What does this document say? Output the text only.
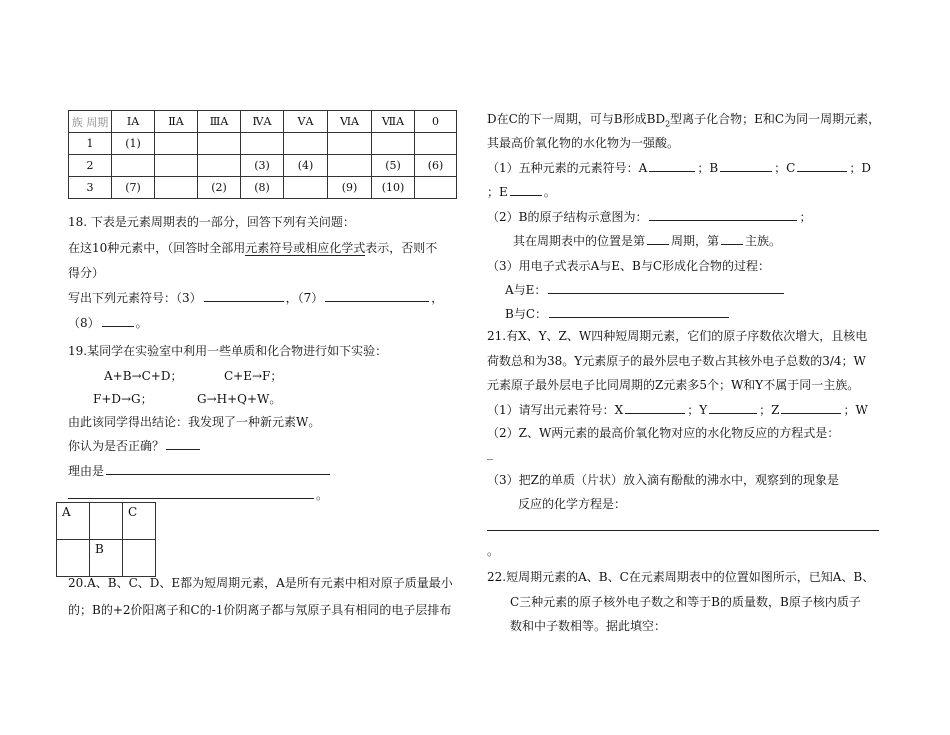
族 周期	ⅠA	ⅡA	ⅢA	ⅣA	ⅤA	ⅥA	ⅦA	0
1	(1)							
2				(3)	(4)		(5)	(6)
3	(7)		(2)	(8)		(9)	(10)	
18. 下表是元素周期表的一部分，回答下列有关问题：
在这10种元素中，（回答时全部用元素符号或相应化学式表示，否则不
得分）
写出下列元素符号：（3）	，（7）	，
（8）	。
19.某同学在实验室中利用一些单质和化合物进行如下实验：
A+B→C+D；	C+E→F；
F+D→G；	G→H+Q+W。
由此该同学得出结论：我发现了一种新元素W。
你认为是否正确？
理由是
。
A		C
	B	
20.A、B、C、D、E都为短周期元素，A是所有元素中相对原子质量最小
的；B的+2价阳离子和C的-1价阴离子都与氖原子具有相同的电子层排布
D在C的下一周期，可与B形成$BD_2$型离子化合物；E和C为同一周期元素，
其最高价氧化物的水化物为一强酸。
（1）五种元素的元素符号：A	；B	；C	；D
；E	。
（2）B的原子结构示意图为：	；
其在周期表中的位置是第 周期，第 主族。
（3）用电子式表示A与E、B与C形成化合物的过程：
A与E：
B与C：
21.有X、Y、Z、W四种短周期元素，它们的原子序数依次增大，且核电
荷数总和为38。Y元素原子的最外层电子数占其核外电子总数的3/4；W
元素原子最外层电子比同周期的Z元素多5个；W和Y不属于同一主族。
（1）请写出元素符号：X	；Y	；Z	；W
（2）Z、W两元素的最高价氧化物对应的水化物反应的方程式是：
_
（3）把Z的单质（片状）放入滴有酚酞的沸水中，观察到的现象是
反应的化学方程是：
。
22.短周期元素的A、B、C在元素周期表中的位置如图所示，已知A、B、
C三种元素的原子核外电子数之和等于B的质量数，B原子核内质子
数和中子数相等。据此填空：
